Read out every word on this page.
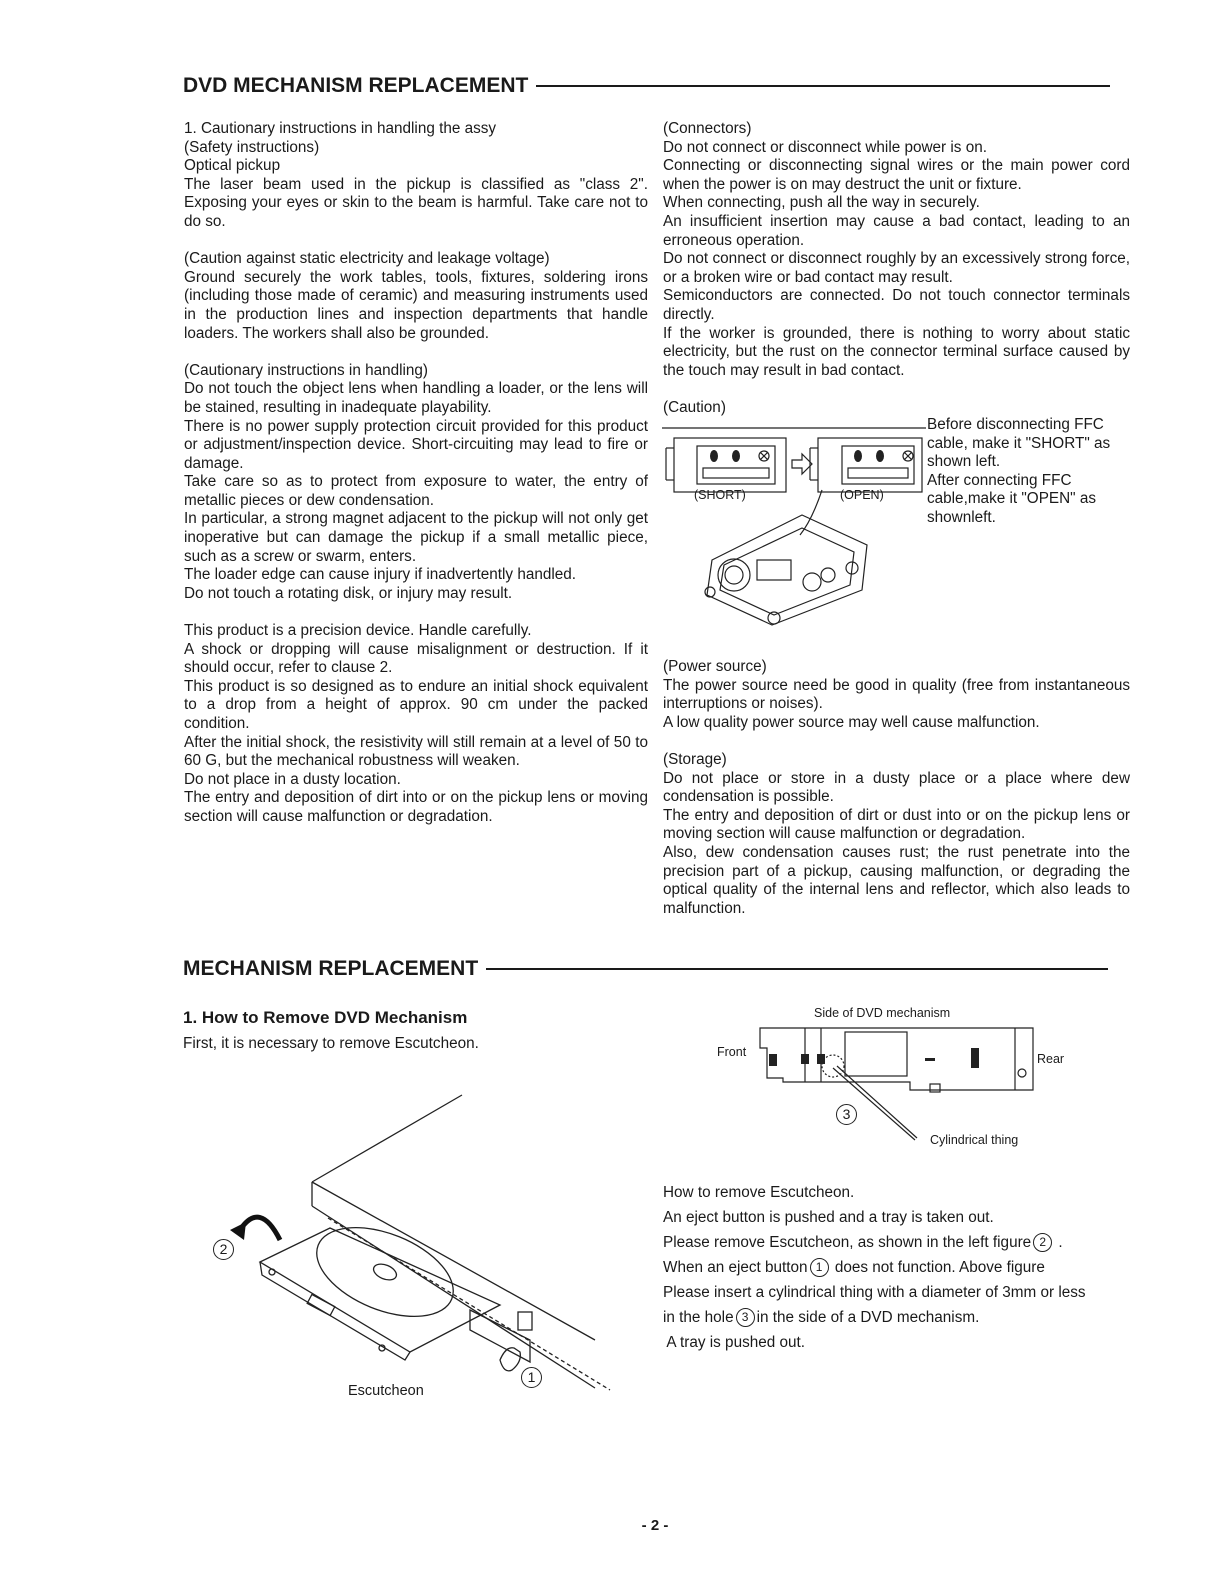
DVD MECHANISM REPLACEMENT

1. Cautionary instructions in handling the assy

(Safety instructions)

Optical pickup

The laser beam used in the pickup is classified as "class 2". Exposing your eyes or skin to the beam is harmful. Take care not to do so.

(Caution against static electricity and leakage voltage)

Ground securely the work tables, tools, fixtures, soldering irons (including those made of ceramic) and measuring instruments used in the production lines and inspection departments that handle loaders. The workers shall also be grounded.

(Cautionary instructions in handling)

Do not touch the object lens when handling a loader, or the lens will be stained, resulting in inadequate playability.

There is no power supply protection circuit provided for this product or adjustment/inspection device. Short-circuiting may lead to fire or damage.

Take care so as to protect from exposure to water, the entry of metallic pieces or dew condensation.

In particular, a strong magnet adjacent to the pickup will not only get inoperative but can damage the pickup if a small metallic piece, such as a screw or swarm, enters.

The loader edge can cause injury if inadvertently handled.

Do not touch a rotating disk, or injury may result.

This product is a precision device. Handle carefully.

A shock or dropping will cause misalignment or destruction. If it should occur, refer to clause 2.

This product is so designed as to endure an initial shock equivalent to a drop from a height of approx. 90 cm under the packed condition.

After the initial shock, the resistivity will still remain at a level of 50 to 60 G, but the mechanical robustness will weaken.

Do not place in a dusty location.

The entry and deposition of dirt into or on the pickup lens or moving section will cause malfunction or degradation.

(Connectors)

Do not connect or disconnect while power is on.

Connecting or disconnecting signal wires or the main power cord when the power is on may destruct the unit or fixture.

When connecting, push all the way in securely.

An insufficient insertion may cause a bad contact, leading to an erroneous operation.

Do not connect or disconnect roughly by an excessively strong force, or a broken wire or bad contact may result.

Semiconductors are connected. Do not touch connector terminals directly.

If the worker is grounded, there is nothing to worry about static electricity, but the rust on the connector terminal surface caused by the touch may result in bad contact.

(Caution)

Before disconnecting FFC cable, make it "SHORT" as shown left.

After connecting FFC cable,make it "OPEN" as shownleft.

(SHORT)	(OPEN)

(Power source)

The power source need be good in quality (free from instantaneous interruptions or noises).

A low quality power source may well cause malfunction.

(Storage)

Do not place or store in a dusty place or a place where dew condensation is possible.

The entry and deposition of dirt or dust into or on the pickup lens or moving section will cause malfunction or degradation.

Also, dew condensation causes rust; the rust penetrate into the precision part of a pickup, causing malfunction, or degrading the optical quality of the internal lens and reflector, which also leads to malfunction.

MECHANISM REPLACEMENT
1. How to Remove DVD Mechanism
First, it is necessary to remove Escutcheon.
2
1
Escutcheon
Side of DVD mechanism
Front	Rear
Cylindrical thing
3

How to remove Escutcheon.

An eject button is pushed and a tray is taken out.

Please remove Escutcheon, as shown in the left figure 2 .

When an eject button 1 does not function. Above figure

Please insert a cylindrical thing with a diameter of 3mm or less

in the hole 3 in the side of a DVD mechanism.

A tray is pushed out.

- 2 -
